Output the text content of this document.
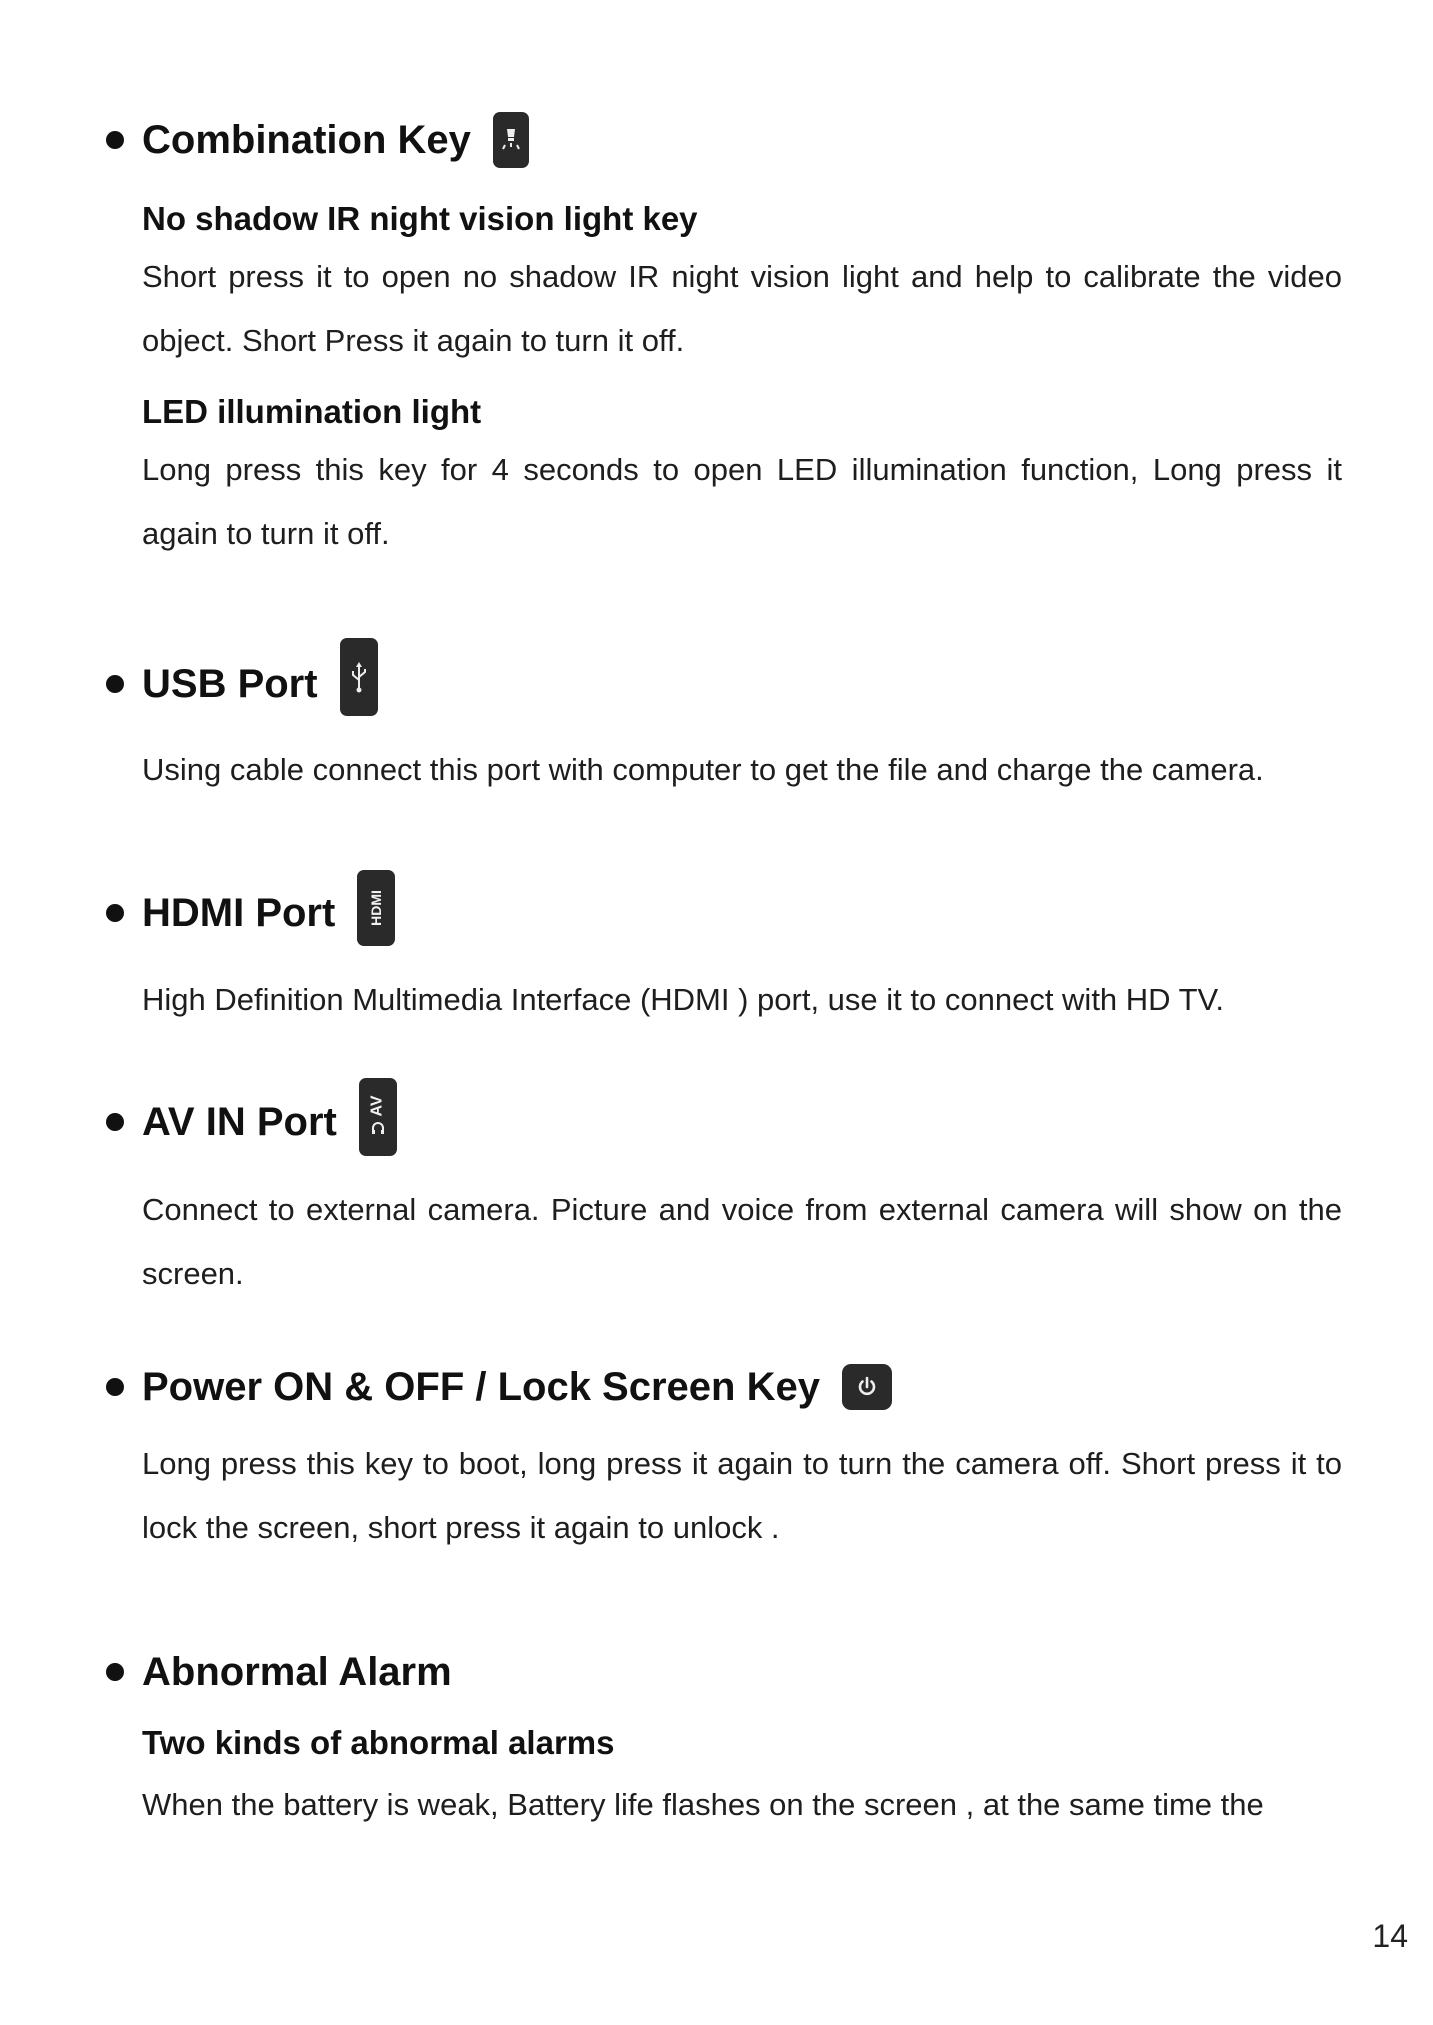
Combination Key
No shadow IR night vision light key
Short press it to open no shadow IR night vision light and help to calibrate the video object. Short Press it again to turn it off.
LED illumination light
Long press this key for 4 seconds to open LED illumination function, Long press it again to turn it off.
USB Port
Using cable connect this port with computer to get the file and charge the camera.
HDMI Port HDMI
High Definition Multimedia Interface (HDMI ) port, use it to connect with HD TV.
AV IN Port AV
Connect to external camera. Picture and voice from external camera will show on the screen.
Power ON & OFF / Lock Screen Key
Long press this key to boot, long press it again to turn the camera off. Short press it to lock the screen, short press it again to unlock .
Abnormal Alarm
Two kinds of abnormal alarms
When the battery is weak, Battery life flashes on the screen , at the same time the
14
